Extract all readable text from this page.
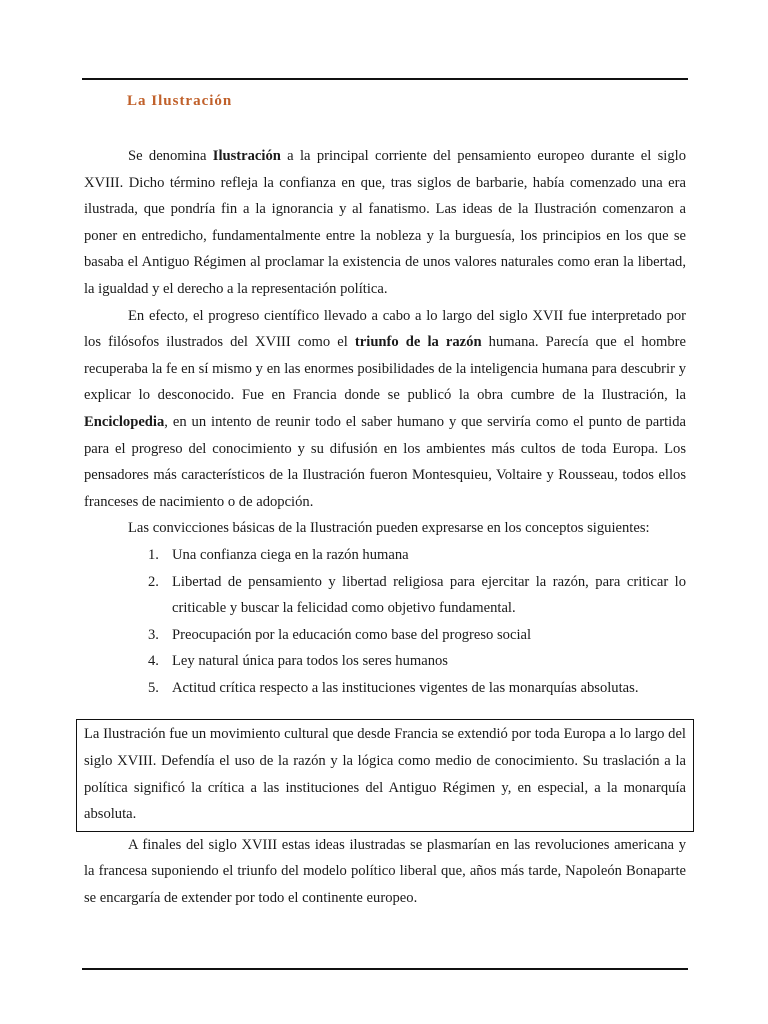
La Ilustración

Se denomina Ilustración a la principal corriente del pensamiento europeo durante el siglo XVIII. Dicho término refleja la confianza en que, tras siglos de barbarie, había comenzado una era ilustrada, que pondría fin a la ignorancia y al fanatismo. Las ideas de la Ilustración comenzaron a poner en entredicho, fundamentalmente entre la nobleza y la burguesía, los principios en los que se basaba el Antiguo Régimen al proclamar la existencia de unos valores naturales como eran la libertad, la igualdad y el derecho a la representación política.

En efecto, el progreso científico llevado a cabo a lo largo del siglo XVII fue interpretado por los filósofos ilustrados del XVIII como el triunfo de la razón humana. Parecía que el hombre recuperaba la fe en sí mismo y en las enormes posibilidades de la inteligencia humana para descubrir y explicar lo desconocido. Fue en Francia donde se publicó la obra cumbre de la Ilustración, la Enciclopedia, en un intento de reunir todo el saber humano y que serviría como el punto de partida para el progreso del conocimiento y su difusión en los ambientes más cultos de toda Europa. Los pensadores más característicos de la Ilustración fueron Montesquieu, Voltaire y Rousseau, todos ellos franceses de nacimiento o de adopción.

Las convicciones básicas de la Ilustración pueden expresarse en los conceptos siguientes:

1. Una confianza ciega en la razón humana
2. Libertad de pensamiento y libertad religiosa para ejercitar la razón, para criticar lo criticable y buscar la felicidad como objetivo fundamental.
3. Preocupación por la educación como base del progreso social
4. Ley natural única para todos los seres humanos
5. Actitud crítica respecto a las instituciones vigentes de las monarquías absolutas.

La Ilustración fue un movimiento cultural que desde Francia se extendió por toda Europa a lo largo del siglo XVIII. Defendía el uso de la razón y la lógica como medio de conocimiento. Su traslación a la política significó la crítica a las instituciones del Antiguo Régimen y, en especial, a la monarquía absoluta.

A finales del siglo XVIII estas ideas ilustradas se plasmarían en las revoluciones americana y la francesa suponiendo el triunfo del modelo político liberal que, años más tarde, Napoleón Bonaparte se encargaría de extender por todo el continente europeo.
